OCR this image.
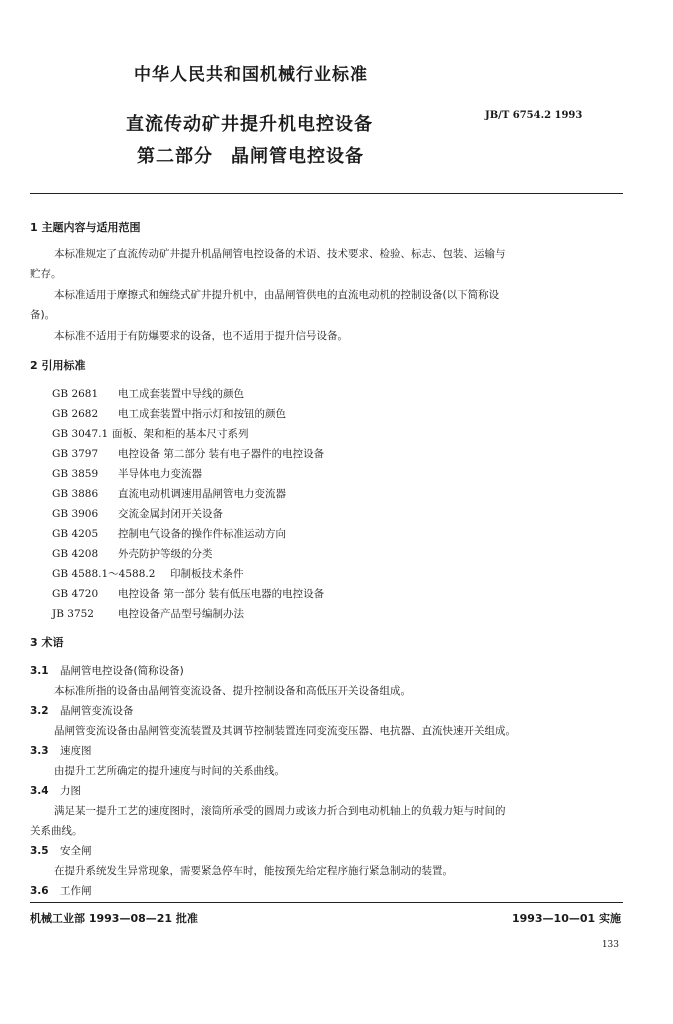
中华人民共和国机械行业标准
直流传动矿井提升机电控设备	JB/T 6754.2 1993
第二部分 晶闸管电控设备
1 主题内容与适用范围
本标准规定了直流传动矿井提升机晶闸管电控设备的术语、技术要求、检验、标志、包装、运输与
贮存。
本标准适用于摩擦式和缠绕式矿井提升机中，由晶闸管供电的直流电动机的控制设备(以下简称设
备)。
本标准不适用于有防爆要求的设备，也不适用于提升信号设备。
2 引用标准
GB 2681 电工成套装置中导线的颜色
GB 2682 电工成套装置中指示灯和按钮的颜色
GB 3047.1 面板、架和柜的基本尺寸系列
GB 3797 电控设备 第二部分 装有电子器件的电控设备
GB 3859 半导体电力变流器
GB 3886 直流电动机调速用晶闸管电力变流器
GB 3906 交流金属封闭开关设备
GB 4205 控制电气设备的操作件标准运动方向
GB 4208 外壳防护等级的分类
GB 4588.1～4588.2 印制板技术条件
GB 4720 电控设备 第一部分 装有低压电器的电控设备
JB 3752 电控设备产品型号编制办法
3 术语
3.1 晶闸管电控设备(简称设备)
本标准所指的设备由晶闸管变流设备、提升控制设备和高低压开关设备组成。
3.2 晶闸管变流设备
晶闸管变流设备由晶闸管变流装置及其调节控制装置连同变流变压器、电抗器、直流快速开关组成。
3.3 速度图
由提升工艺所确定的提升速度与时间的关系曲线。
3.4 力图
满足某一提升工艺的速度图时，滚筒所承受的圆周力或该力折合到电动机轴上的负载力矩与时间的
关系曲线。
3.5 安全闸
在提升系统发生异常现象，需要紧急停车时，能按预先给定程序施行紧急制动的装置。
3.6 工作闸
机械工业部 1993—08—21 批准	1993—10—01 实施
133
